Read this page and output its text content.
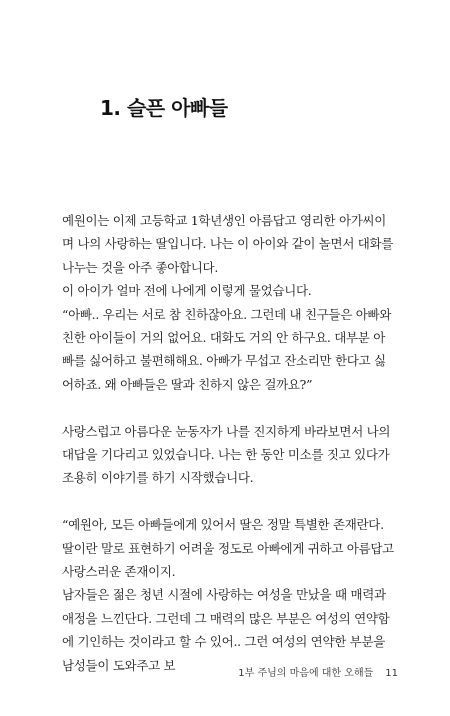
1. 슬픈 아빠들

예원이는 이제 고등학교 1학년생인 아름답고 영리한 아가씨이며 나의 사랑하는 딸입니다. 나는 이 아이와 같이 놀면서 대화를 나누는 것을 아주 좋아합니다.

이 아이가 얼마 전에 나에게 이렇게 물었습니다.

“아빠.. 우리는 서로 참 친하잖아요. 그런데 내 친구들은 아빠와 친한 아이들이 거의 없어요. 대화도 거의 안 하구요. 대부분 아빠를 싫어하고 불편해해요. 아빠가 무섭고 잔소리만 한다고 싫어하죠. 왜 아빠들은 딸과 친하지 않은 걸까요?”

사랑스럽고 아름다운 눈동자가 나를 진지하게 바라보면서 나의 대답을 기다리고 있었습니다. 나는 한 동안 미소를 짓고 있다가 조용히 이야기를 하기 시작했습니다.

“예원아, 모든 아빠들에게 있어서 딸은 정말 특별한 존재란다. 딸이란 말로 표현하기 어려울 정도로 아빠에게 귀하고 아름답고 사랑스러운 존재이지.

남자들은 젊은 청년 시절에 사랑하는 여성을 만났을 때 매력과 애정을 느낀단다. 그런데 그 매력의 많은 부분은 여성의 연약함에 기인하는 것이라고 할 수 있어.. 그런 여성의 연약한 부분을 남성들이 도와주고 보

1부 주님의 마음에 대한 오해들 11
